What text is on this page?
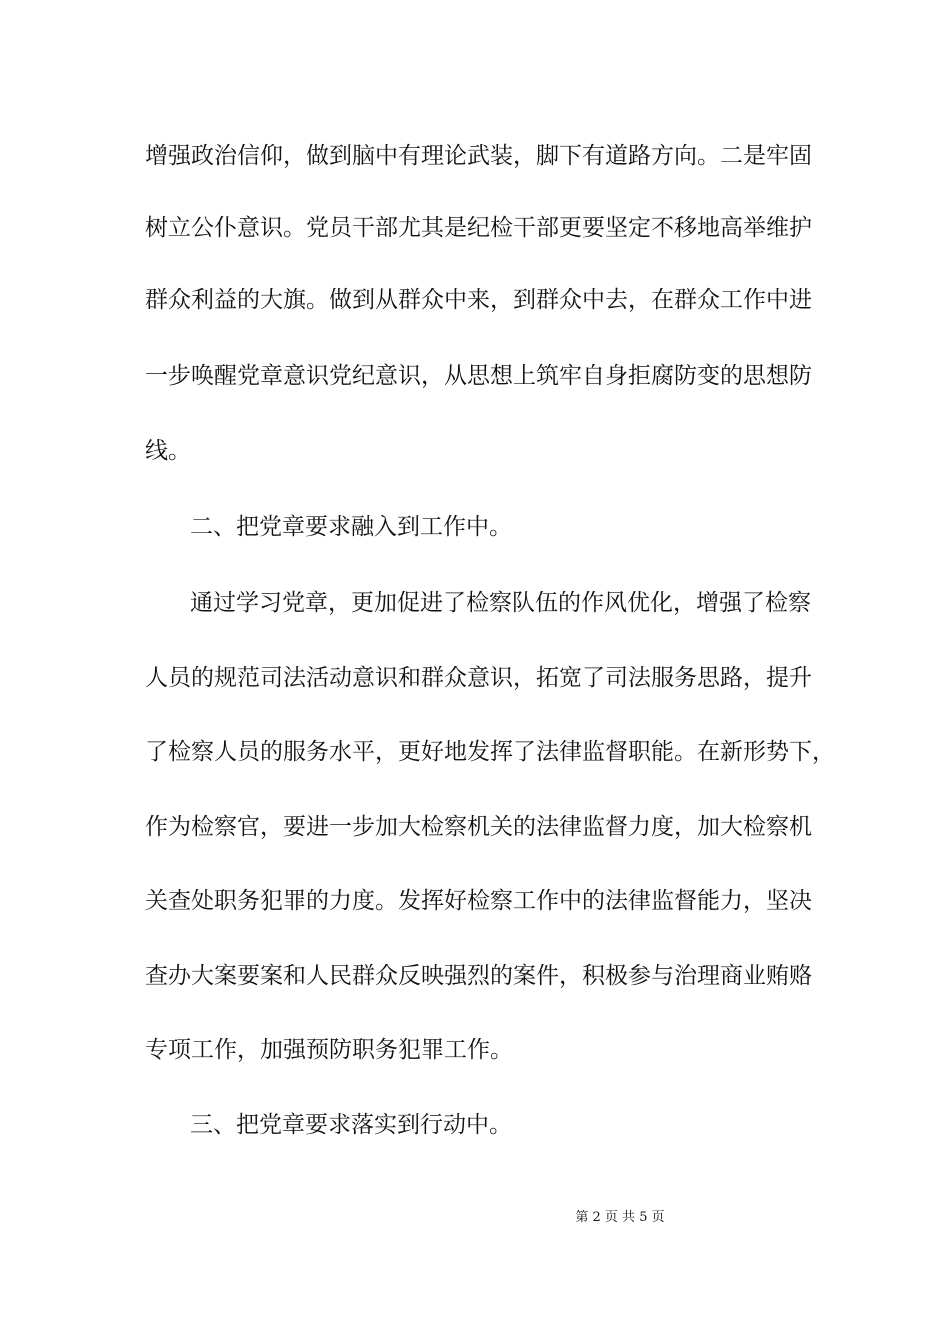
增强政治信仰，做到脑中有理论武装，脚下有道路方向。二是牢固
树立公仆意识。党员干部尤其是纪检干部更要坚定不移地高举维护
群众利益的大旗。做到从群众中来，到群众中去，在群众工作中进
一步唤醒党章意识党纪意识，从思想上筑牢自身拒腐防变的思想防
线。
二、把党章要求融入到工作中。
通过学习党章，更加促进了检察队伍的作风优化，增强了检察
人员的规范司法活动意识和群众意识，拓宽了司法服务思路，提升
了检察人员的服务水平，更好地发挥了法律监督职能。在新形势下，
作为检察官，要进一步加大检察机关的法律监督力度，加大检察机
关查处职务犯罪的力度。发挥好检察工作中的法律监督能力，坚决
查办大案要案和人民群众反映强烈的案件，积极参与治理商业贿赂
专项工作，加强预防职务犯罪工作。
三、把党章要求落实到行动中。
第 2 页 共 5 页
